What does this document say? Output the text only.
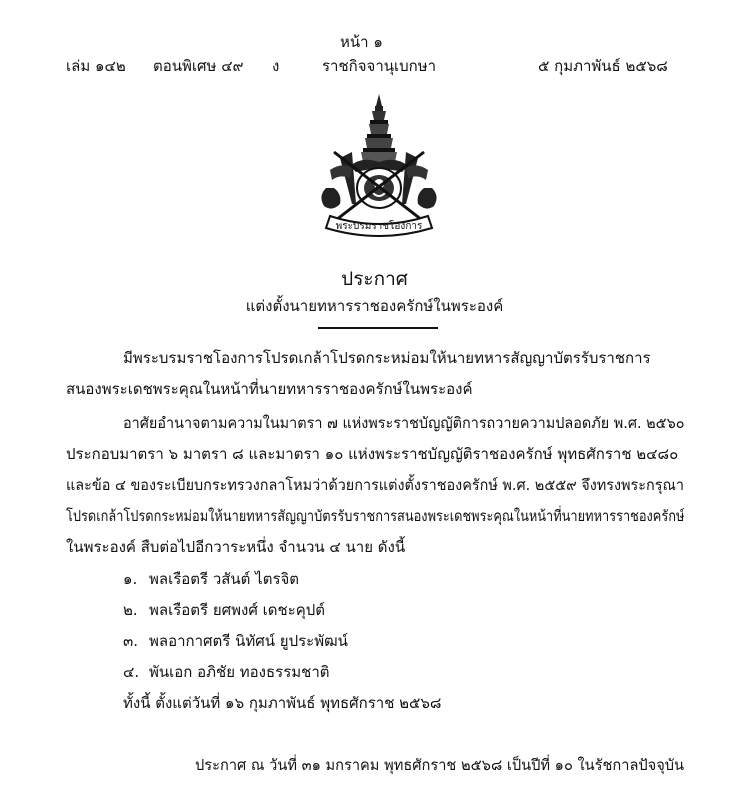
หน้า ๑
เล่ม ๑๔๒ ตอนพิเศษ ๔๙ ง	ราชกิจจานุเบกษา	๕ กุมภาพันธ์ ๒๕๖๘
พระบรมราชโองการ
ประกาศ
แต่งตั้งนายทหารราชองครักษ์ในพระองค์
มีพระบรมราชโองการโปรดเกล้าโปรดกระหม่อมให้นายทหารสัญญาบัตรรับราชการ
สนองพระเดชพระคุณในหน้าที่นายทหารราชองครักษ์ในพระองค์
อาศัยอำนาจตามความในมาตรา ๗ แห่งพระราชบัญญัติการถวายความปลอดภัย พ.ศ. ๒๕๖๐
ประกอบมาตรา ๖ มาตรา ๘ และมาตรา ๑๐ แห่งพระราชบัญญัติราชองครักษ์ พุทธศักราช ๒๔๘๐
และข้อ ๔ ของระเบียบกระทรวงกลาโหมว่าด้วยการแต่งตั้งราชองครักษ์ พ.ศ. ๒๕๕๙ จึงทรงพระกรุณา
โปรดเกล้าโปรดกระหม่อมให้นายทหารสัญญาบัตรรับราชการสนองพระเดชพระคุณในหน้าที่นายทหารราชองครักษ์
ในพระองค์ สืบต่อไปอีกวาระหนึ่ง จำนวน ๔ นาย ดังนี้
๑. พลเรือตรี วสันต์ ไตรจิต
๒. พลเรือตรี ยศพงศ์ เดชะคุปต์
๓. พลอากาศตรี นิทัศน์ ยูประพัฒน์
๔. พันเอก อภิชัย ทองธรรมชาติ
ทั้งนี้ ตั้งแต่วันที่ ๑๖ กุมภาพันธ์ พุทธศักราช ๒๕๖๘
ประกาศ ณ วันที่ ๓๑ มกราคม พุทธศักราช ๒๕๖๘ เป็นปีที่ ๑๐ ในรัชกาลปัจจุบัน
